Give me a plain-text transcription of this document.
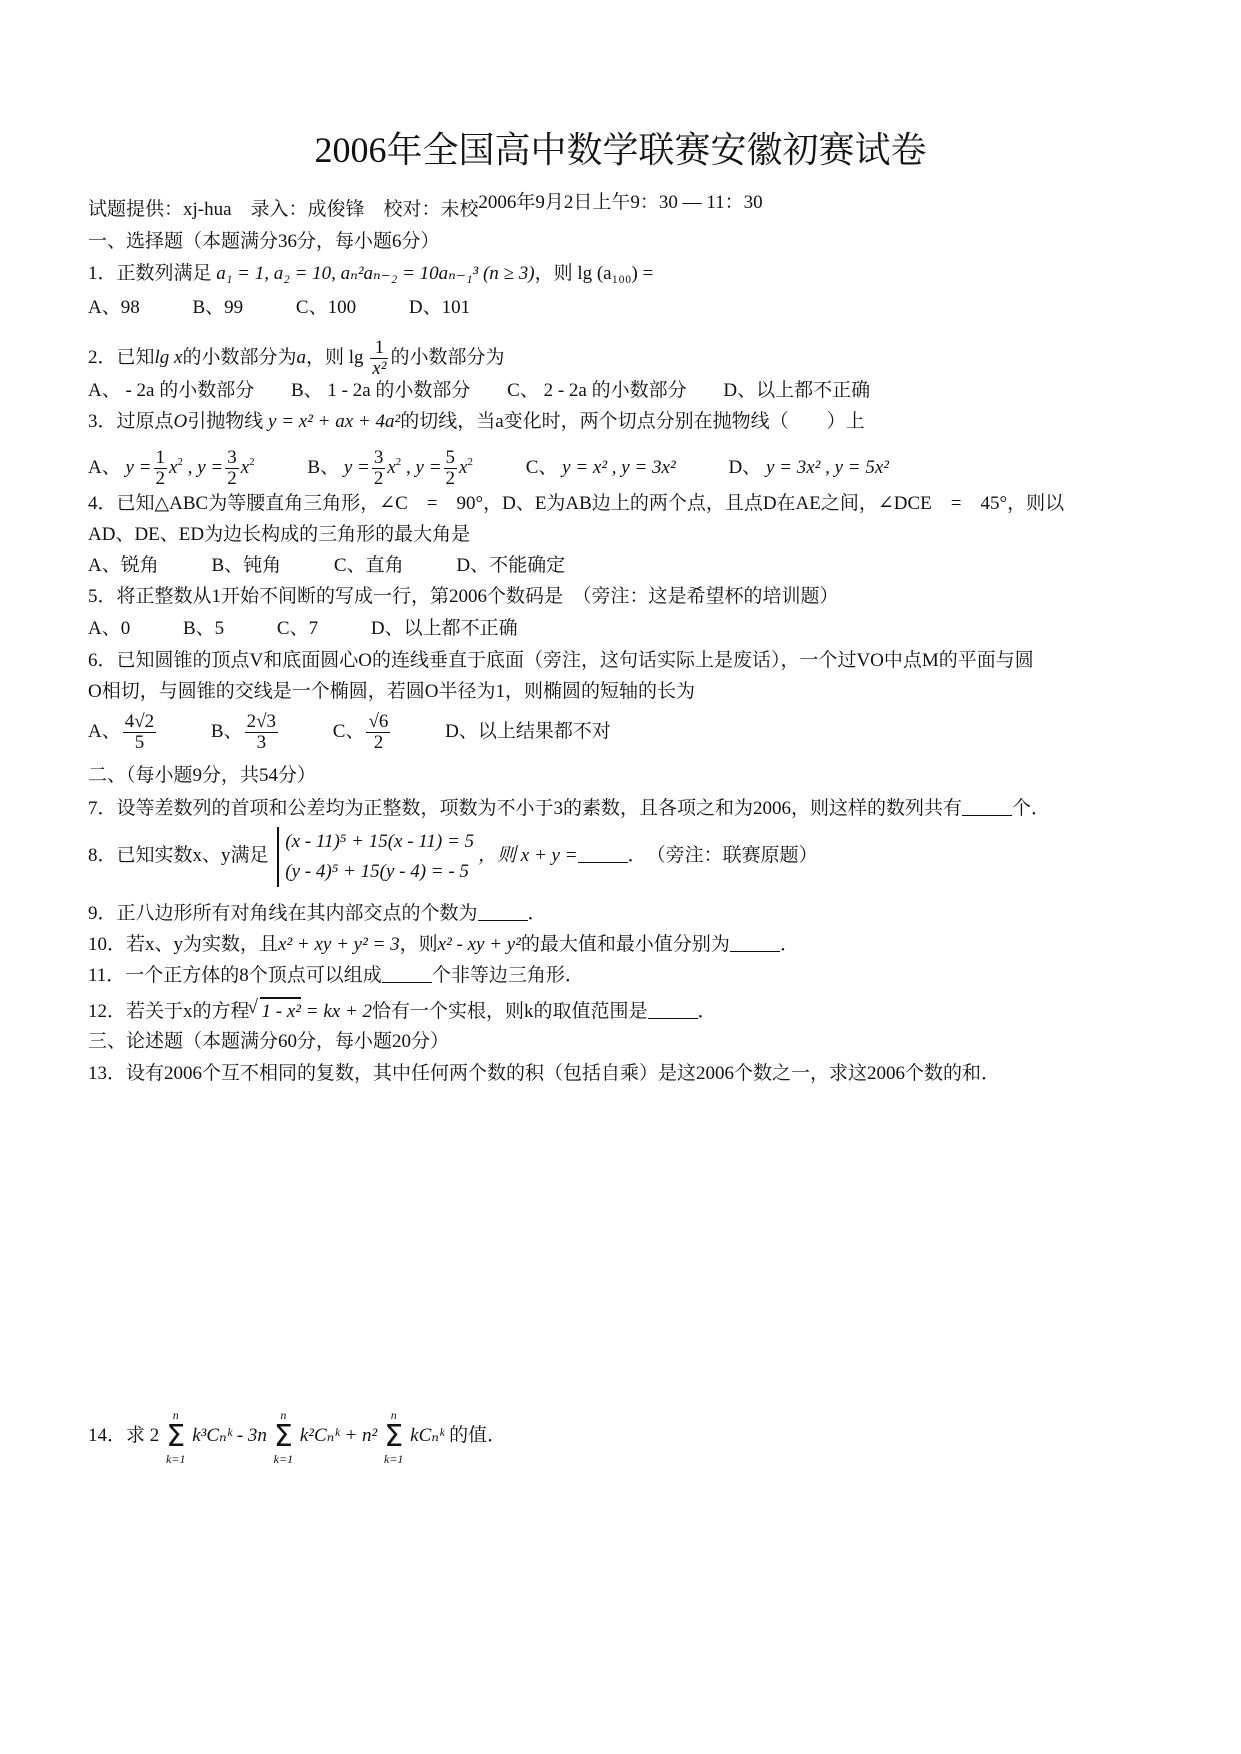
2006年全国高中数学联赛安徽初赛试卷
2006年9月2日上午9：30 — 11：30
试题提供：xj-hua　录入：成俊锋　校对：未校
一、选择题（本题满分36分，每小题6分）
1．正数列满足 a₁ = 1, a₂ = 10, aₙ²aₙ₋₂ = 10aₙ₋₁³ (n ≥ 3)，则 lg (a₁₀₀) =
A、98	B、99	C、100	D、101
2．已知lg x的小数部分为a，则 $\lg \frac{1}{\text{x²}}$ 的小数部分为
A、 - 2a 的小数部分 B、 1 - 2a 的小数部分 C、 2 - 2a 的小数部分 D、以上都不正确
3．过原点O引抛物线 y = x² + ax + 4a²的切线，当a变化时，两个切点分别在抛物线（　　）上
A、 $y = \frac{1}{2} x^2$ , $y = \frac{3}{2} x^2$	B、 $y = \frac{3}{2} x^2$ , $y = \frac{5}{2} x^2$	C、 y = x² , y = 3x²	D、 y = 3x² , y = 5x²
4．已知△ABC为等腰直角三角形，∠C　=　90°，D、E为AB边上的两个点，且点D在AE之间，∠DCE　=　45°，则以
AD、DE、ED为边长构成的三角形的最大角是
A、锐角	B、钝角	C、直角	D、不能确定
5．将正整数从1开始不间断的写成一行，第2006个数码是　（旁注：这是希望杯的培训题）
A、0	B、5	C、7	D、以上都不正确
6．已知圆锥的顶点V和底面圆心O的连线垂直于底面（旁注，这句话实际上是废话），一个过VO中点M的平面与圆
O相切，与圆锥的交线是一个椭圆，若圆O半径为1，则椭圆的短轴的长为
A、 $\frac{4√2}{5}$	B、 $\frac{2√3}{3}$	C、 $\frac{√6}{2}$	D、以上结果都不对
二、（每小题9分，共54分）
7．设等差数列的首项和公差均为正整数，项数为不小于3的素数，且各项之和为2006，则这样的数列共有	个．
8．已知实数x、y满足
(x - 11)⁵ + 15(x - 11) = 5
(y - 4)⁵ + 15(y - 4) = - 5
，则 x + y =	．　（旁注：联赛原题）
9．正八边形所有对角线在其内部交点的个数为	．
10．若x、y为实数，且x² + xy + y² = 3，则x² - xy + y²的最大值和最小值分别为	．
11．一个正方体的8个顶点可以组成	个非等边三角形．
12．若关于x的方程 √ 1 - x² = kx + 2恰有一个实根，则k的取值范围是	．
三、论述题（本题满分60分，每小题20分）
13．设有2006个互不相同的复数，其中任何两个数的积（包括自乘）是这2006个数之一，求这2006个数的和．
14．求 2
n
Σ
k=1
k³Cₙᵏ - 3n
n
Σ
k=1
k²Cₙᵏ + n²
n
Σ
k=1
kCₙᵏ 的值．
